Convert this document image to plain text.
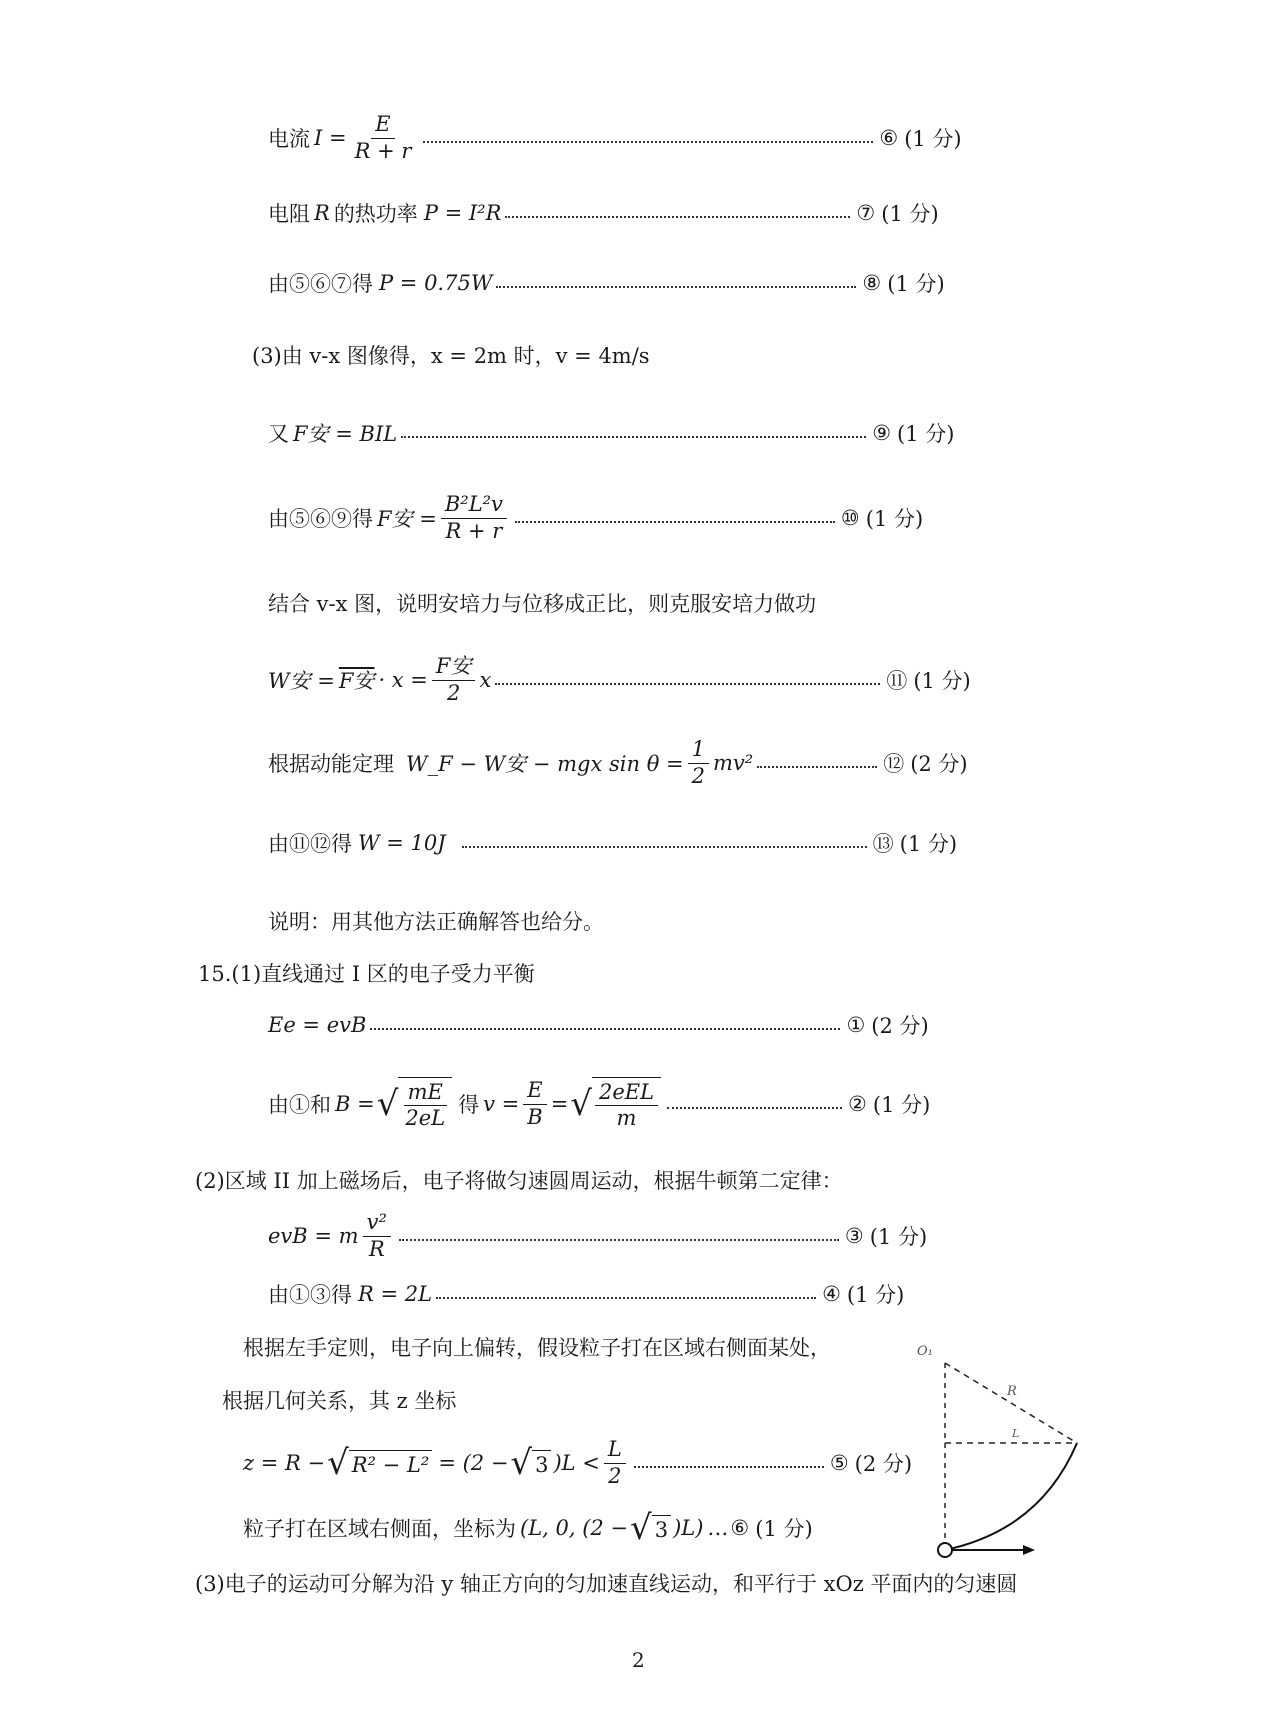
电流 $I = \frac{E}{R + r}$	⑥ (1 分)
电阻 R 的热功率 P = I²R	⑦ (1 分)
由⑤⑥⑦得 P = 0.75W	⑧ (1 分)
(3)由 v-x 图像得，x = 2m 时，v = 4m/s
又 F安 = BIL	⑨ (1 分)
由⑤⑥⑨得 F安 = $\frac{\text{B²L²v}}{R + r}$	⑩ (1 分)
结合 v-x 图，说明安培力与位移成正比，则克服安培力做功
W安 = F安 · $x = \frac{\text{F安}}{2}$ x	⑪ (1 分)
根据动能定理 W_F − W安 − mgx $\sin \theta = \frac{1}{2} mv^2$	⑫ (2 分)
由⑪⑫得 W = 10J	⑬ (1 分)
说明：用其他方法正确解答也给分。
15.(1)直线通过 I 区的电子受力平衡
Ee = evB	① (2 分)
由①和 B = √ $\frac{mE}{2eL}$ 得 $v = \frac{E}{B}$ = √ $\frac{\text{2eEL}}{m}$	② (1 分)
(2)区域 II 加上磁场后，电子将做匀速圆周运动，根据牛顿第二定律：
evB = m $\frac{\text{v²}}{R}$	③ (1 分)
由①③得 R = 2L	④ (1 分)
根据左手定则，电子向上偏转，假设粒子打在区域右侧面某处，
根据几何关系，其 z 坐标
z = R − √ R² − L² = (2 − √ 3 )$L < \frac{L}{2}$	⑤ (2 分)
粒子打在区域右侧面，坐标为 (L, 0, (2 − √ 3 )L) … ⑥ (1 分)
(3)电子的运动可分解为沿 y 轴正方向的匀加速直线运动，和平行于 xOz 平面内的匀速圆
O₁
R
L
2
